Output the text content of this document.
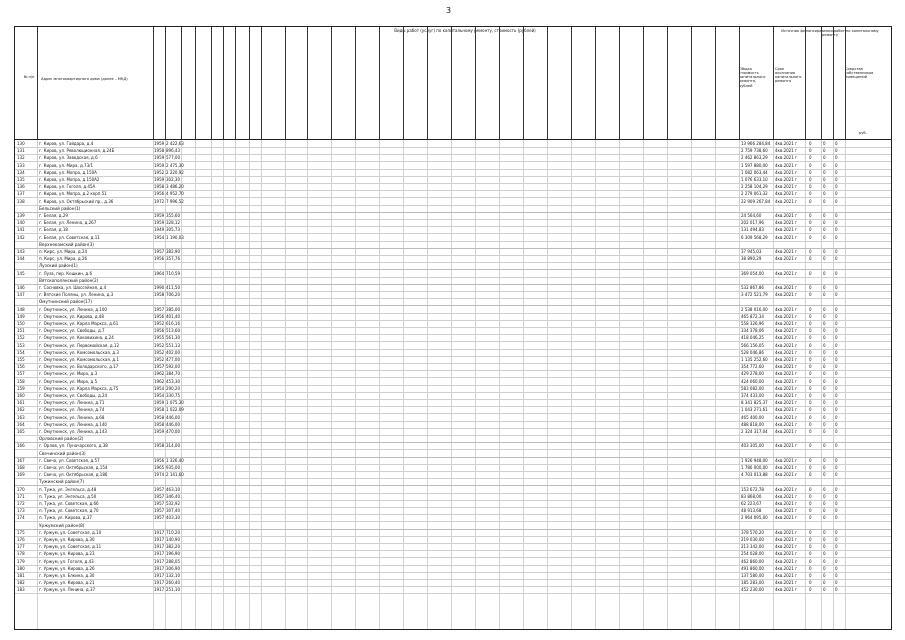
3
№ п/п	Адрес многоквартирного дома (далее – МКД)
Виды работ (услуг) по капитальному ремонту, стоимость (рублей)	Источник финансирования работ по капитальному ремонту
Общая стоимость капитального ремонта, рублей
Срок окончания капитального ремонта
Средства собственников помещений
руб.
130	г. Киров, ул. Гайдара, д.4	1959 2 422,63	13 966 284,84	4кв.2021 г	0	0	0
131	г. Киров, ул. Революционная, д.24Б	1958 896,43	2 759 738,60	4кв.2021 г	0	0	0
132	г. Киров, ул. Заводская, д.6	1959 577,00	2 462 863,29	4кв.2021 г	0	0	0
133	г. Киров, ул. Мира, д.73/1	1959 2 475,30	1 597 880,00	4кв.2021 г	0	0	0
134	г. Киров, ул. Мопра, д.150А	1952 2 220,92	1 082 063,44	4кв.2021 г	0	0	0
135	г. Киров, ул. Мопра, д.150А2	1959 302,30	1 076 633,10	4кв.2021 г	0	0	0
136	г. Киров, ул. Гоголя, д.45А	1958 3 486,20	2 258 104,29	4кв.2021 г	0	0	0
137	г. Киров, ул. Мопра, д.2 корп.51	1956 4 952,70	2 279 061,32	4кв.2021 г	0	0	0
138	г. Киров, ул. Октябрьский пр., д.36	1972 7 996,52	22 909 267,84	4кв.2021 г	0	0	0
Бельский район(1)
139	г. Белая, д.29	1959 355,60	24 564,60	4кв.2021 г	0	0	0
140	г. Белая, ул. Ленина, д.267	1959 328,12	202 017,96	4кв.2021 г	0	0	0
141	г. Белая, д.18	1949 305,73	131 494,83	4кв.2021 г	0	0	0
142	г. Белая, ул. Советская, д.11	1954 1 190,03	6 309 568,29	4кв.2021 г	0	0	0
Верхнекамский район(3)
143	п. Кирс, ул. Мира, д.24	1957 382,90	37 945,03	4кв.2021 г	0	0	0
144	п. Кирс, ул. Мира, д.26	1956 357,76	38 890,29	4кв.2021 г	0	0	0
Лузский район(1)
145	г. Луза, пер. Кошкин, д.6	1964 710,59	369 054,00	4кв.2021 г	0	0	0
Вятскополянский район(2)
146	г. Сосновка, ул. Шоссейная, д.4	1990 411,50	532 867,86	4кв.2021 г	0	0	0
147	г. Вятские Поляны, ул. Ленина, д.3	1958 706,20	3 472 521,79	4кв.2021 г	0	0	0
Омутнинский район(17)
148	г. Омутнинск, ул. Ленина, д.100	1957 385,00	2 538 016,00	4кв.2021 г	0	0	0
149	г. Омутнинск, ул. Кирова, д.48	1956 401,40	465 872,34	4кв.2021 г	0	0	0
150	г. Омутнинск, ул. Карла Маркса, д.61	1952 616,16	558 326,96	4кв.2021 г	0	0	0
151	г. Омутнинск, ул. Свободы, д.7	1956 513,60	334 378,06	4кв.2021 г	0	0	0
152	г. Омутнинск, ул. Коковихина, д.24	1955 561,30	418 046,25	4кв.2021 г	0	0	0
153	г. Омутнинск, ул. Первомайская, д.12	1952 551,13	566 156,05	4кв.2021 г	0	0	0
154	г. Омутнинск, ул. Комсомольская, д.3	1952 402,00	528 046,86	4кв.2021 г	0	0	0
155	г. Омутнинск, ул. Комсомольская, д.1	1952 477,00	1 135 252,60	4кв.2021 г	0	0	0
156	г. Омутнинск, ул. Володарского, д.17	1957 592,00	354 772,60	4кв.2021 г	0	0	0
157	г. Омутнинск, ул. Мира, д.3	1962 384,70	429 278,00	4кв.2021 г	0	0	0
158	г. Омутнинск, ул. Мира, д.5	1962 453,30	424 060,00	4кв.2021 г	0	0	0
159	г. Омутнинск, ул. Карла Маркса, д.75	1954 290,20	583 082,00	4кв.2021 г	0	0	0
160	г. Омутнинск, ул. Свободы, д.24	1954 330,75	374 433,00	4кв.2021 г	0	0	0
161	г. Омутнинск, ул. Ленина, д.71	1959 1 075,30	8 341 825,37	4кв.2021 г	0	0	0
162	г. Омутнинск, ул. Ленина, д.74	1958 1 022,09	1 043 271,61	4кв.2021 г	0	0	0
163	г. Омутнинск, ул. Ленина, д.68	1958 446,00	465 400,00	4кв.2021 г	0	0	0
164	г. Омутнинск, ул. Ленина, д.140	1958 446,00	488 818,00	4кв.2021 г	0	0	0
165	г. Омутнинск, ул. Ленина, д.143	1959 470,00	2 324 317,04	4кв.2021 г	0	0	0
Орловский район(2)
166	г. Орлов, ул. Луначарского, д.38	1958 314,00	403 305,00	4кв.2021 г	0	0	0
Свечинский район(3)
167	г. Свеча, ул. Советская, д.57	1956 1 326,40	1 926 948,00	4кв.2021 г	0	0	0
168	г. Свеча, ул. Октябрьская, д.154	1965 935,00	1 786 000,00	4кв.2021 г	0	0	0
169	г. Свеча, ул. Октябрьская, д.186	1974 2 141,60	4 703 013,88	4кв.2021 г	0	0	0
Тужинский район(7)
170	п. Тужа, ул. Энгельса, д.48	1957 463,10	153 672,78	4кв.2021 г	0	0	0
171	п. Тужа, ул. Энгельса, д.50	1957 346,40	83 868,00	4кв.2021 г	0	0	0
172	п. Тужа, ул. Советская, д.66	1957 532,92	62 223,67	4кв.2021 г	0	0	0
173	п. Тужа, ул. Советская, д.70	1957 307,40	48 913,68	4кв.2021 г	0	0	0
174	п. Тужа, ул. Кирова, д.37	1957 403,30	2 964 095,00	4кв.2021 г	0	0	0
Уржумский район(8)
175	г. Уржум, ул. Советская, д.10	1917 710,20	378 570,20	4кв.2021 г	0	0	0
176	г. Уржум, ул. Кирова, д.30	1917 140,90	219 030,00	4кв.2021 г	0	0	0
177	г. Уржум, ул. Советская, д.11	1917 382,20	213 342,00	4кв.2021 г	0	0	0
178	г. Уржум, ул. Кирова, д.23	1917 196,90	254 028,00	4кв.2021 г	0	0	0
179	г. Уржум, ул. Гоголя, д.43	1917 288,05	462 860,00	4кв.2021 г	0	0	0
180	г. Уржум, ул. Кирова, д.26	1917 306,90	491 860,00	4кв.2021 г	0	0	0
181	г. Уржум, ул. Елкина, д.30	1917 132,10	137 580,00	4кв.2021 г	0	0	0
182	г. Уржум, ул. Кирова, д.21	1917 260,40	185 283,00	4кв.2021 г	0	0	0
183	г. Уржум, ул. Ленина, д.37	1917 251,10	452 230,00	4кв.2021 г	0	0	0
